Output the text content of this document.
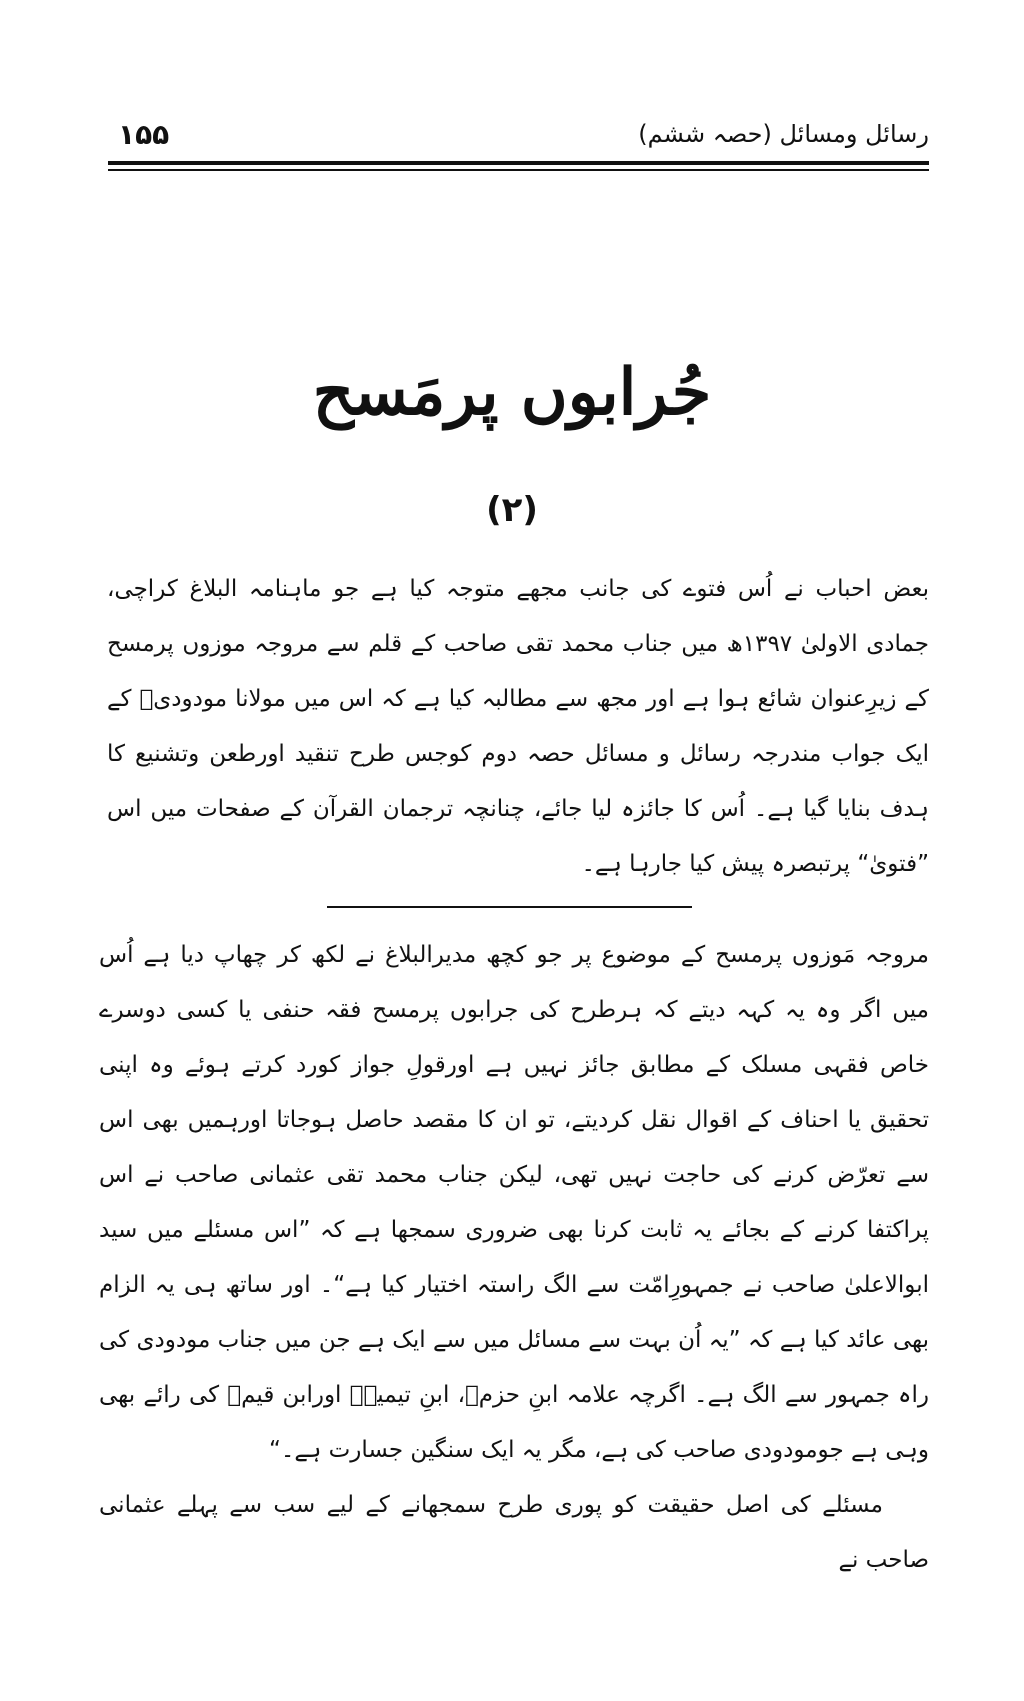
۱۵۵	رسائل ومسائل (حصہ ششم)
جُرابوں پرمَسح
(۲)

بعض احباب نے اُس فتوے کی جانب مجھے متوجہ کیا ہے جو ماہنامہ البلاغ کراچی، جمادی الاولیٰ ۱۳۹۷ھ میں جناب محمد تقی صاحب کے قلم سے مروجہ موزوں پرمسح کے زیرِعنوان شائع ہوا ہے اور مجھ سے مطالبہ کیا ہے کہ اس میں مولانا مودودیؒ کے ایک جواب مندرجہ رسائل و مسائل حصہ دوم کوجس طرح تنقید اورطعن وتشنیع کا ہدف بنایا گیا ہے۔ اُس کا جائزہ لیا جائے، چنانچہ ترجمان القرآن کے صفحات میں اس ”فتویٰ“ پرتبصرہ پیش کیا جارہا ہے۔

مروجہ مَوزوں پرمسح کے موضوع پر جو کچھ مدیرالبلاغ نے لکھ کر چھاپ دیا ہے اُس میں اگر وہ یہ کہہ دیتے کہ ہرطرح کی جرابوں پرمسح فقہ حنفی یا کسی دوسرے خاص فقہی مسلک کے مطابق جائز نہیں ہے اورقولِ جواز کورد کرتے ہوئے وہ اپنی تحقیق یا احناف کے اقوال نقل کردیتے، تو ان کا مقصد حاصل ہوجاتا اورہمیں بھی اس سے تعرّض کرنے کی حاجت نہیں تھی، لیکن جناب محمد تقی عثمانی صاحب نے اس پراکتفا کرنے کے بجائے یہ ثابت کرنا بھی ضروری سمجھا ہے کہ ”اس مسئلے میں سید ابوالاعلیٰ صاحب نے جمہورِامّت سے الگ راستہ اختیار کیا ہے“۔ اور ساتھ ہی یہ الزام بھی عائد کیا ہے کہ ”یہ اُن بہت سے مسائل میں سے ایک ہے جن میں جناب مودودی کی راہ جمہور سے الگ ہے۔ اگرچہ علامہ ابنِ حزمؒ، ابنِ تیمیہؒ اورابن قیمؒ کی رائے بھی وہی ہے جومودودی صاحب کی ہے، مگر یہ ایک سنگین جسارت ہے۔“

مسئلے کی اصل حقیقت کو پوری طرح سمجھانے کے لیے سب سے پہلے عثمانی صاحب نے
